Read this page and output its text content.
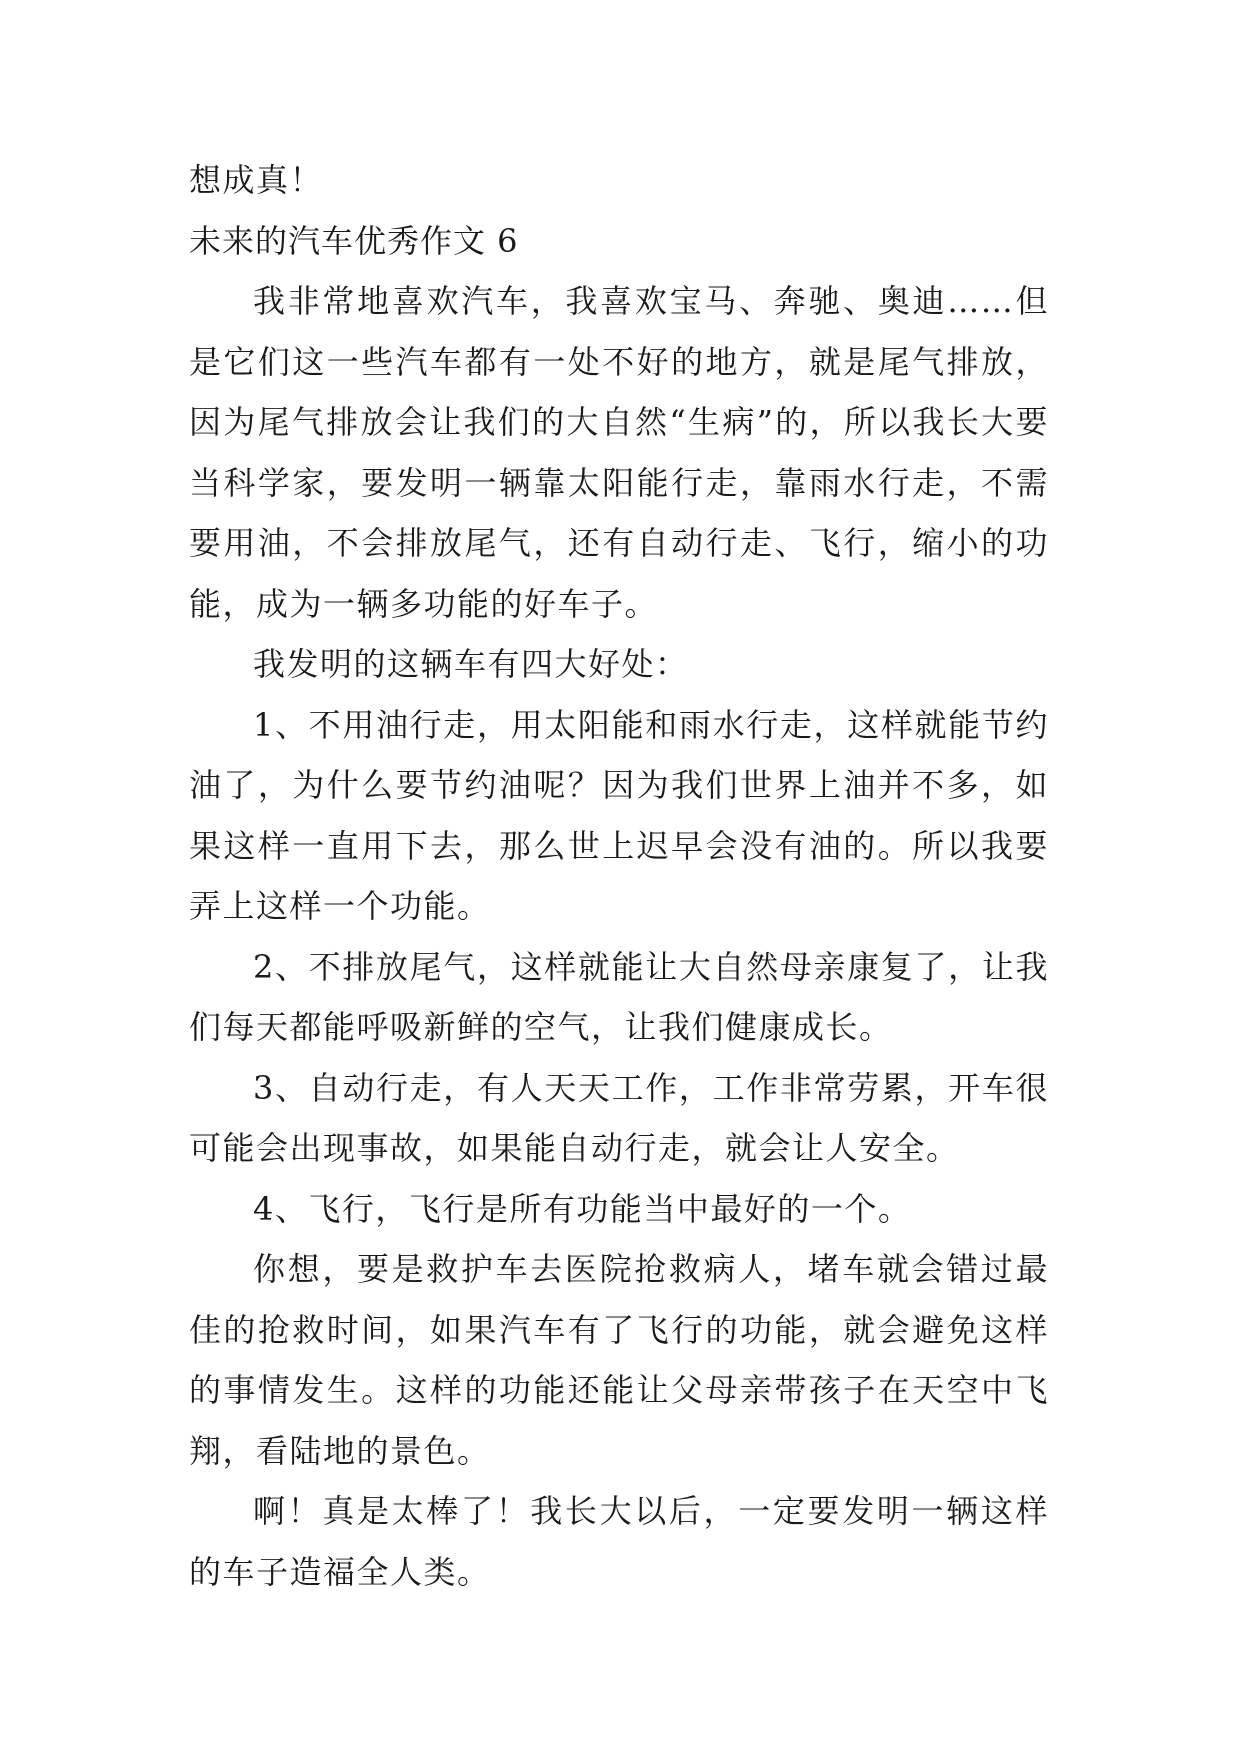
想成真！

未来的汽车优秀作文 6

我非常地喜欢汽车，我喜欢宝马、奔驰、奥迪……但是它们这一些汽车都有一处不好的地方，就是尾气排放，因为尾气排放会让我们的大自然“生病”的，所以我长大要当科学家，要发明一辆靠太阳能行走，靠雨水行走，不需要用油，不会排放尾气，还有自动行走、飞行，缩小的功能，成为一辆多功能的好车子。

我发明的这辆车有四大好处：

1、不用油行走，用太阳能和雨水行走，这样就能节约油了，为什么要节约油呢？因为我们世界上油并不多，如果这样一直用下去，那么世上迟早会没有油的。所以我要弄上这样一个功能。

2、不排放尾气，这样就能让大自然母亲康复了，让我们每天都能呼吸新鲜的空气，让我们健康成长。

3、自动行走，有人天天工作，工作非常劳累，开车很可能会出现事故，如果能自动行走，就会让人安全。

4、飞行，飞行是所有功能当中最好的一个。

你想，要是救护车去医院抢救病人，堵车就会错过最佳的抢救时间，如果汽车有了飞行的功能，就会避免这样的事情发生。这样的功能还能让父母亲带孩子在天空中飞翔，看陆地的景色。

啊！真是太棒了！我长大以后，一定要发明一辆这样的车子造福全人类。
